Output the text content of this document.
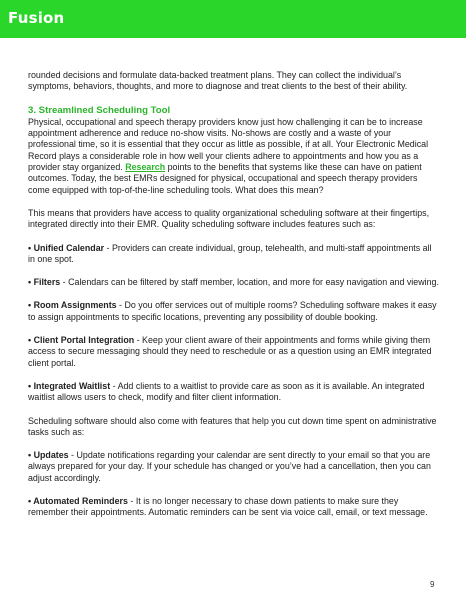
Fusion

rounded decisions and formulate data-backed treatment plans. They can collect the individual’s symptoms, behaviors, thoughts, and more to diagnose and treat clients to the best of their ability.

3. Streamlined Scheduling Tool

Physical, occupational and speech therapy providers know just how challenging it can be to increase appointment adherence and reduce no-show visits. No-shows are costly and a waste of your professional time, so it is essential that they occur as little as possible, if at all. Your Electronic Medical Record plays a considerable role in how well your clients adhere to appointments and how you as a provider stay organized. Research points to the benefits that systems like these can have on patient outcomes. Today, the best EMRs designed for physical, occupational and speech therapy providers come equipped with top-of-the-line scheduling tools. What does this mean?

This means that providers have access to quality organizational scheduling software at their fingertips, integrated directly into their EMR. Quality scheduling software includes features such as:

• Unified Calendar - Providers can create individual, group, telehealth, and multi-staff appointments all in one spot.

• Filters - Calendars can be filtered by staff member, location, and more for easy navigation and viewing.

• Room Assignments - Do you offer services out of multiple rooms? Scheduling software makes it easy to assign appointments to specific locations, preventing any possibility of double booking.

• Client Portal Integration - Keep your client aware of their appointments and forms while giving them access to secure messaging should they need to reschedule or as a question using an EMR integrated client portal.

• Integrated Waitlist - Add clients to a waitlist to provide care as soon as it is available. An integrated waitlist allows users to check, modify and filter client information.

Scheduling software should also come with features that help you cut down time spent on administrative tasks such as:

• Updates - Update notifications regarding your calendar are sent directly to your email so that you are always prepared for your day. If your schedule has changed or you’ve had a cancellation, then you can adjust accordingly.

• Automated Reminders - It is no longer necessary to chase down patients to make sure they remember their appointments. Automatic reminders can be sent via voice call, email, or text message.

9
